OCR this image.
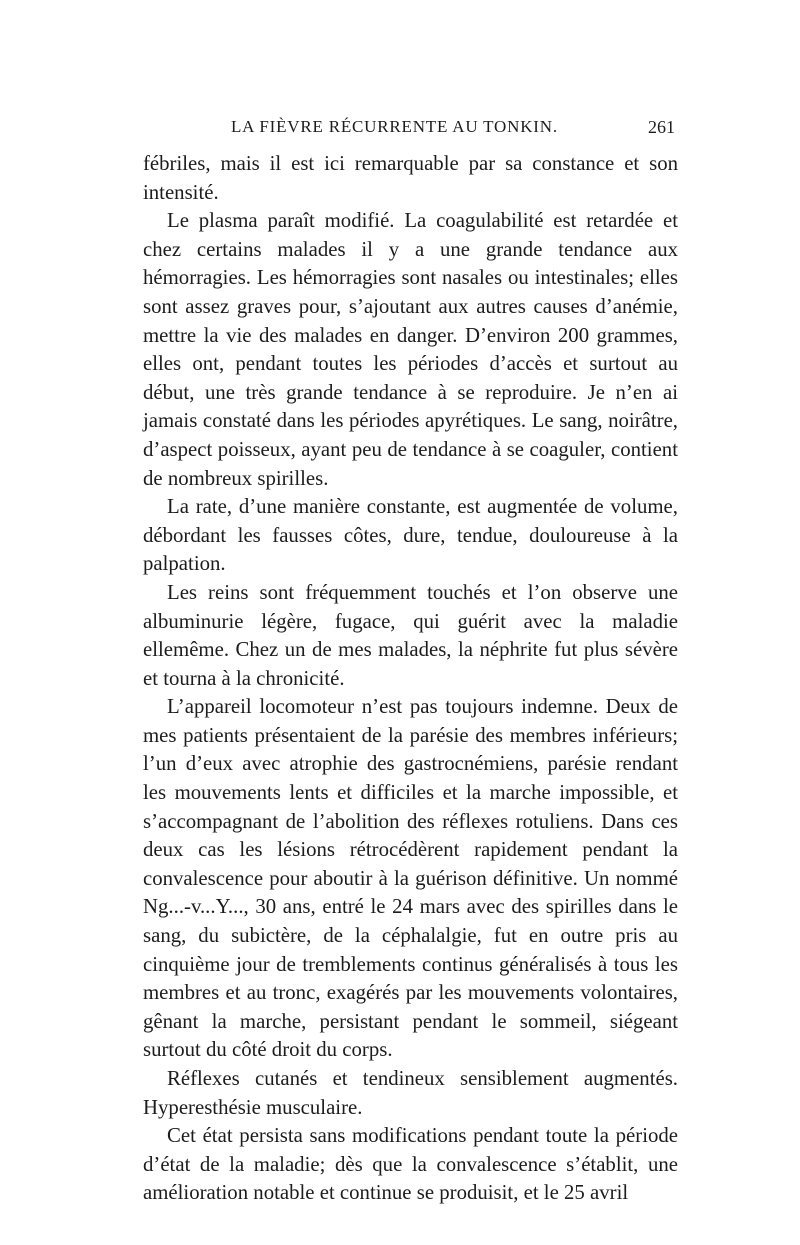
LA FIÈVRE RÉCURRENTE AU TONKIN.	261

fébriles, mais il est ici remarquable par sa constance et son intensité.

Le plasma paraît modifié. La coagulabilité est retardée et chez certains malades il y a une grande tendance aux hémorragies. Les hémorragies sont nasales ou intestinales; elles sont assez graves pour, s’ajoutant aux autres causes d’anémie, mettre la vie des malades en danger. D’environ 200 grammes, elles ont, pendant toutes les périodes d’accès et surtout au début, une très grande tendance à se reproduire. Je n’en ai jamais constaté dans les périodes apyrétiques. Le sang, noirâtre, d’aspect poisseux, ayant peu de tendance à se coaguler, contient de nombreux spirilles.

La rate, d’une manière constante, est augmentée de volume, débordant les fausses côtes, dure, tendue, douloureuse à la palpation.

Les reins sont fréquemment touchés et l’on observe une albuminurie légère, fugace, qui guérit avec la maladie ellemême. Chez un de mes malades, la néphrite fut plus sévère et tourna à la chronicité.

L’appareil locomoteur n’est pas toujours indemne. Deux de mes patients présentaient de la parésie des membres inférieurs; l’un d’eux avec atrophie des gastrocnémiens, parésie rendant les mouvements lents et difficiles et la marche impossible, et s’accompagnant de l’abolition des réflexes rotuliens. Dans ces deux cas les lésions rétrocédèrent rapidement pendant la convalescence pour aboutir à la guérison définitive. Un nommé Ng...-v...Y..., 30 ans, entré le 24 mars avec des spirilles dans le sang, du subictère, de la céphalalgie, fut en outre pris au cinquième jour de tremblements continus généralisés à tous les membres et au tronc, exagérés par les mouvements volontaires, gênant la marche, persistant pendant le sommeil, siégeant surtout du côté droit du corps.

Réflexes cutanés et tendineux sensiblement augmentés. Hyperesthésie musculaire.

Cet état persista sans modifications pendant toute la période d’état de la maladie; dès que la convalescence s’établit, une amélioration notable et continue se produisit, et le 25 avril
